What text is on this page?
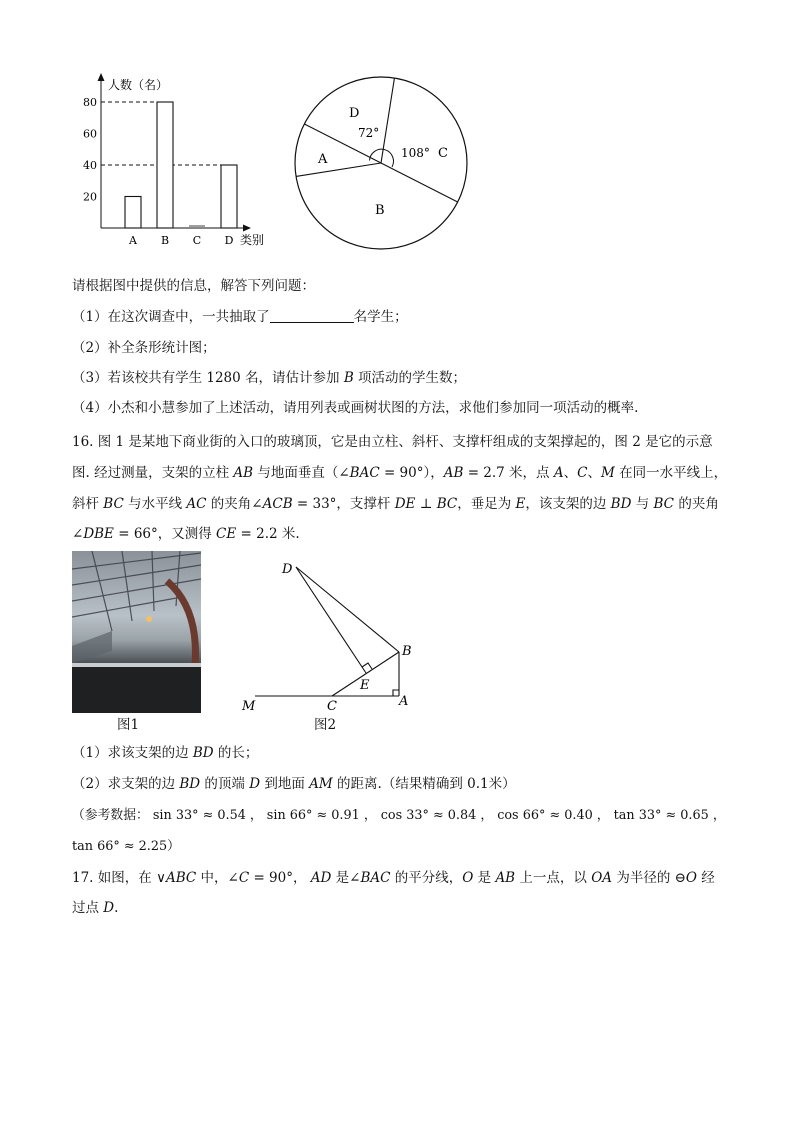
A B C D
20
40
60
80
人数（名）
类别
A
B
C
D
72°
108°
请根据图中提供的信息，解答下列问题：
（1）在这次调查中，一共抽取了	名学生；
（2）补全条形统计图；
（3）若该校共有学生 1280 名，请估计参加 B 项活动的学生数；
（4）小杰和小慧参加了上述活动，请用列表或画树状图的方法，求他们参加同一项活动的概率.
16. 图 1 是某地下商业街的入口的玻璃顶，它是由立柱、斜杆、支撑杆组成的支架撑起的，图 2 是它的示意
图. 经过测量，支架的立柱 AB 与地面垂直（∠BAC = 90°），AB = 2.7 米，点 A、C、M 在同一水平线上，
斜杆 BC 与水平线 AC 的夹角∠ACB = 33°，支撑杆 DE ⊥ BC，垂足为 E，该支架的边 BD 与 BC 的夹角
∠DBE = 66°，又测得 CE = 2.2 米.
（1）求该支架的边 BD 的长；
（2）求支架的边 BD 的顶端 D 到地面 AM 的距离.（结果精确到 0.1米）
（参考数据： sin 33° ≈ 0.54 ， sin 66° ≈ 0.91 ， cos 33° ≈ 0.84 ， cos 66° ≈ 0.40 ， tan 33° ≈ 0.65 ，
tan 66° ≈ 2.25）
17. 如图，在 ∨ABC 中，∠C = 90°， AD 是∠BAC 的平分线，O 是 AB 上一点，以 OA 为半径的 ⊖O 经
过点 D.
图1
D
B
E
A
C
M
图2
